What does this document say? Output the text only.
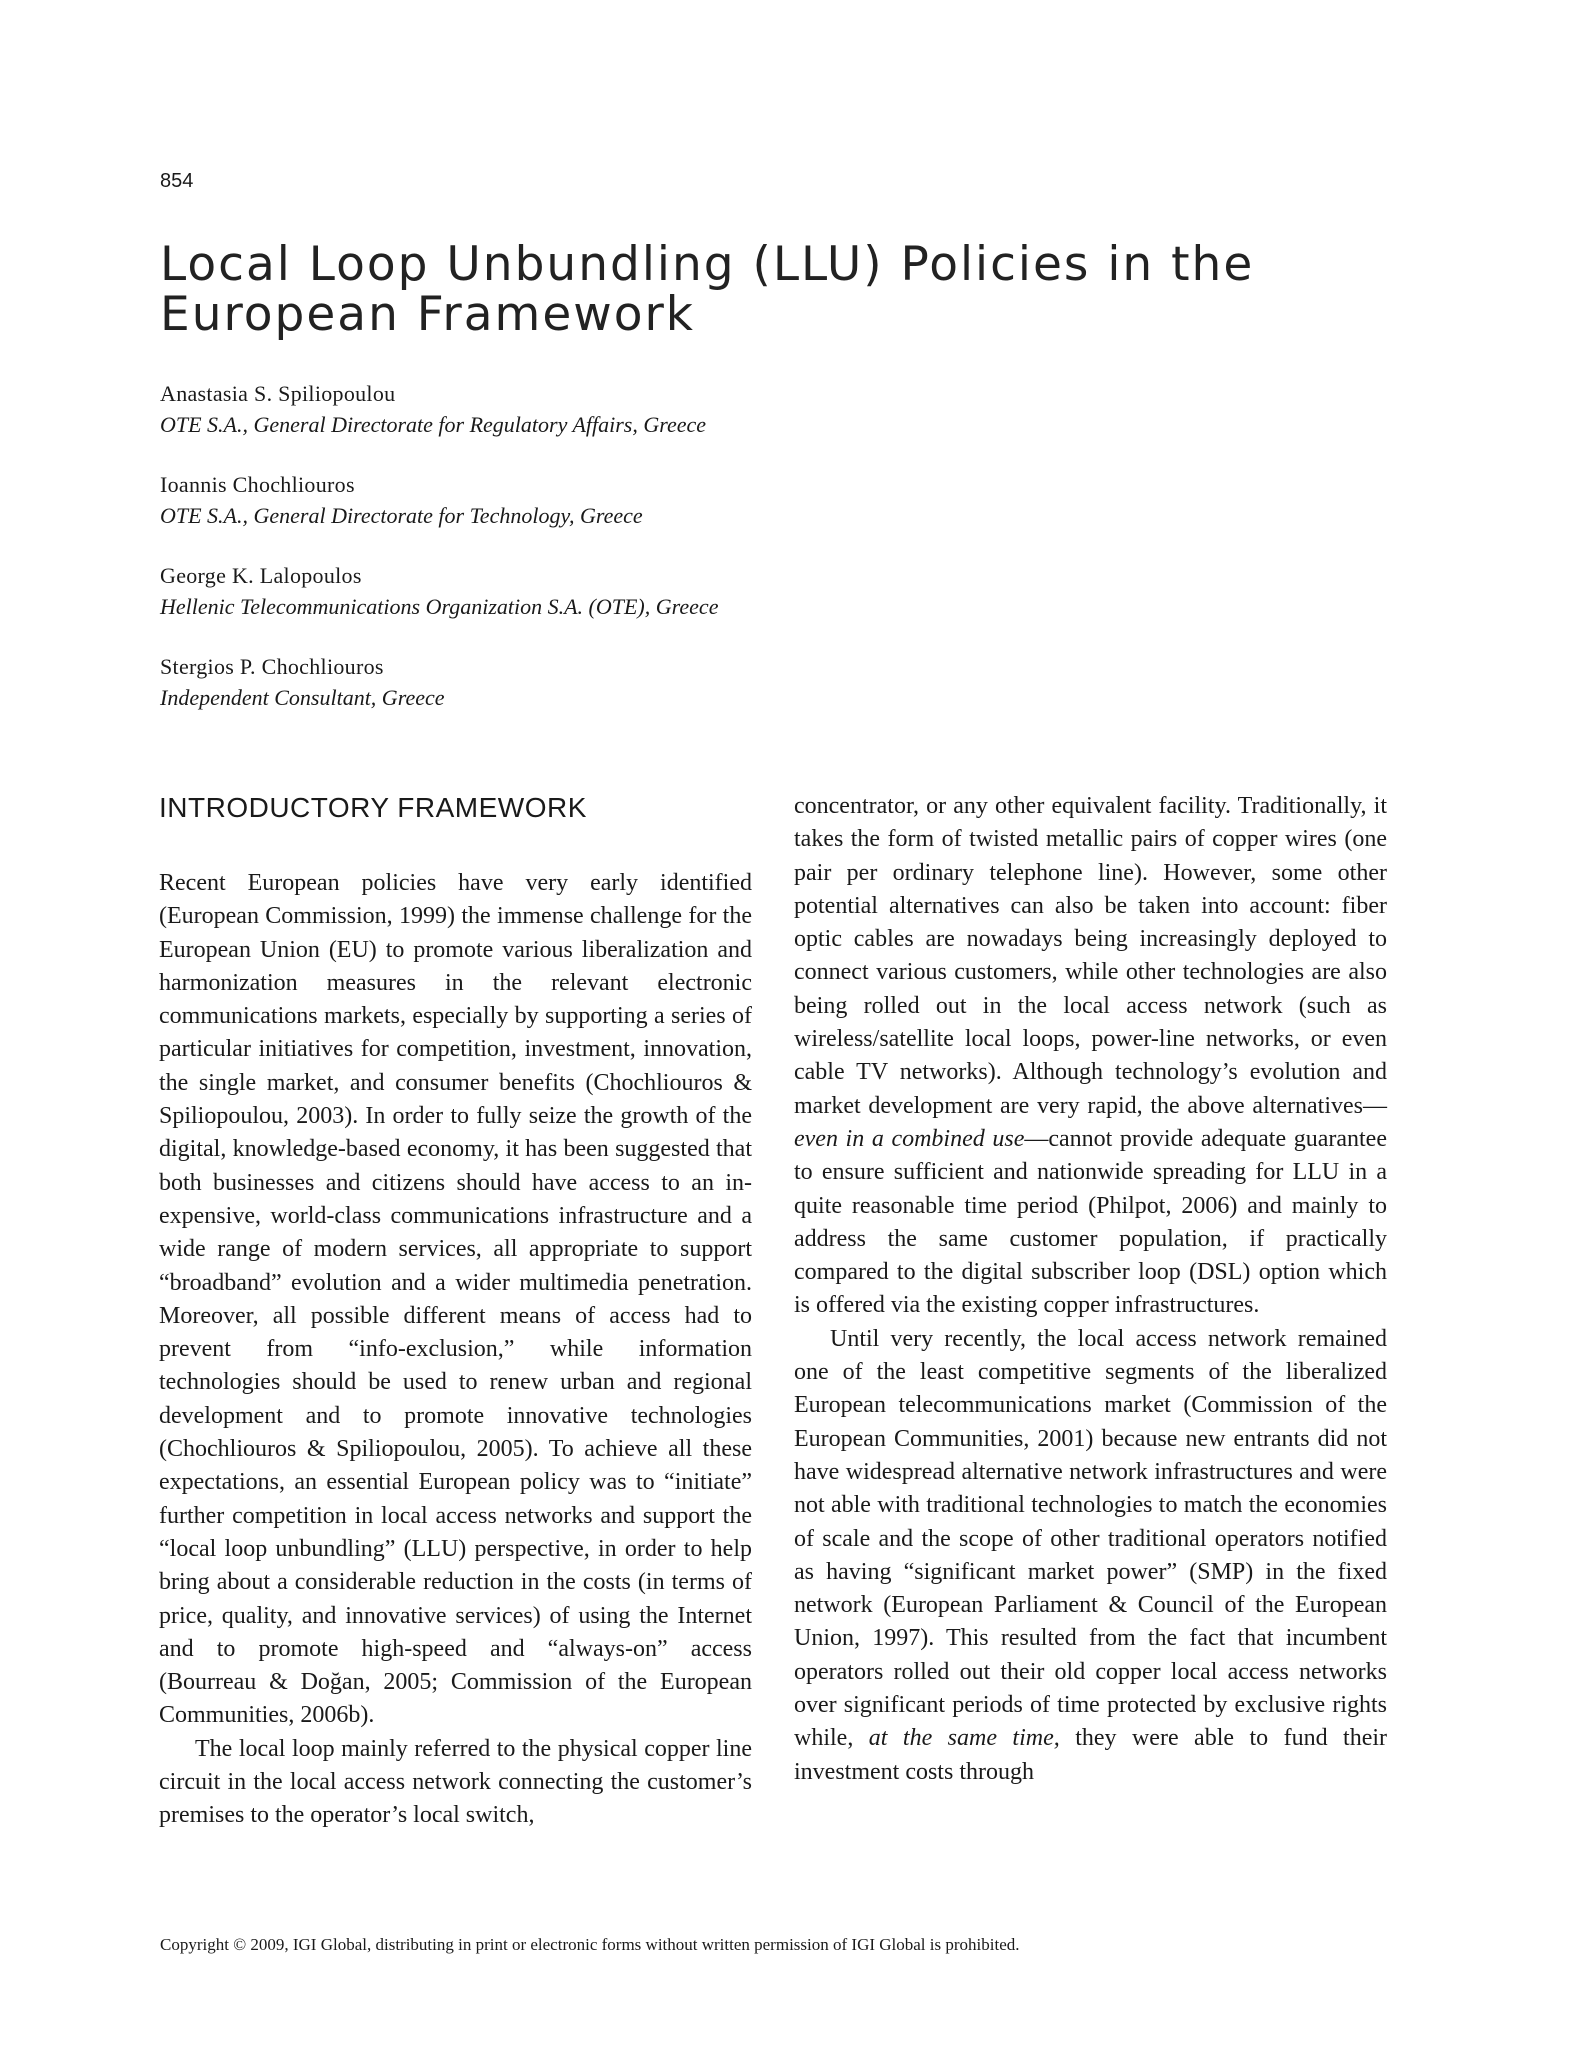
854
Local Loop Unbundling (LLU) Policies in the European Framework
Anastasia S. Spiliopoulou
OTE S.A., General Directorate for Regulatory Affairs, Greece
Ioannis Chochliouros
OTE S.A., General Directorate for Technology, Greece
George K. Lalopoulos
Hellenic Telecommunications Organization S.A. (OTE), Greece
Stergios P. Chochliouros
Independent Consultant, Greece
INTRODUCTORY FRAMEWORK

Recent European policies have very early identified (European Commission, 1999) the immense challenge for the European Union (EU) to promote various liberalization and harmonization measures in the relevant electronic communications markets, especially by supporting a series of particular initiatives for competition, investment, innovation, the single market, and consumer benefits (Chochliouros & Spiliopoulou, 2003). In order to fully seize the growth of the digital, knowledge-based economy, it has been suggested that both businesses and citizens should have access to an inexpensive, world-class communications infrastructure and a wide range of modern services, all appropriate to support “broadband” evolution and a wider multimedia penetration. Moreover, all possible different means of access had to prevent from “info-exclusion,” while information technologies should be used to renew urban and regional development and to promote innovative technologies (Chochliouros & Spiliopoulou, 2005). To achieve all these expectations, an essential European policy was to “initiate” further competition in local access networks and support the “local loop unbundling” (LLU) perspective, in order to help bring about a considerable reduction in the costs (in terms of price, quality, and innovative services) of using the Internet and to promote high-speed and “always-on” access (Bourreau & Doğan, 2005; Commission of the European Communities, 2006b).

The local loop mainly referred to the physical copper line circuit in the local access network connecting the customer’s premises to the operator’s local switch,

concentrator, or any other equivalent facility. Traditionally, it takes the form of twisted metallic pairs of copper wires (one pair per ordinary telephone line). However, some other potential alternatives can also be taken into account: fiber optic cables are nowadays being increasingly deployed to connect various customers, while other technologies are also being rolled out in the local access network (such as wireless/satellite local loops, power-line networks, or even cable TV networks). Although technology’s evolution and market development are very rapid, the above alternatives—even in a combined use—cannot provide adequate guarantee to ensure sufficient and nationwide spreading for LLU in a quite reasonable time period (Philpot, 2006) and mainly to address the same customer population, if practically compared to the digital subscriber loop (DSL) option which is offered via the existing copper infrastructures.

Until very recently, the local access network remained one of the least competitive segments of the liberalized European telecommunications market (Commission of the European Communities, 2001) because new entrants did not have widespread alternative network infrastructures and were not able with traditional technologies to match the economies of scale and the scope of other traditional operators notified as having “significant market power” (SMP) in the fixed network (European Parliament & Council of the European Union, 1997). This resulted from the fact that incumbent operators rolled out their old copper local access networks over significant periods of time protected by exclusive rights while, at the same time, they were able to fund their investment costs through

Copyright © 2009, IGI Global, distributing in print or electronic forms without written permission of IGI Global is prohibited.
